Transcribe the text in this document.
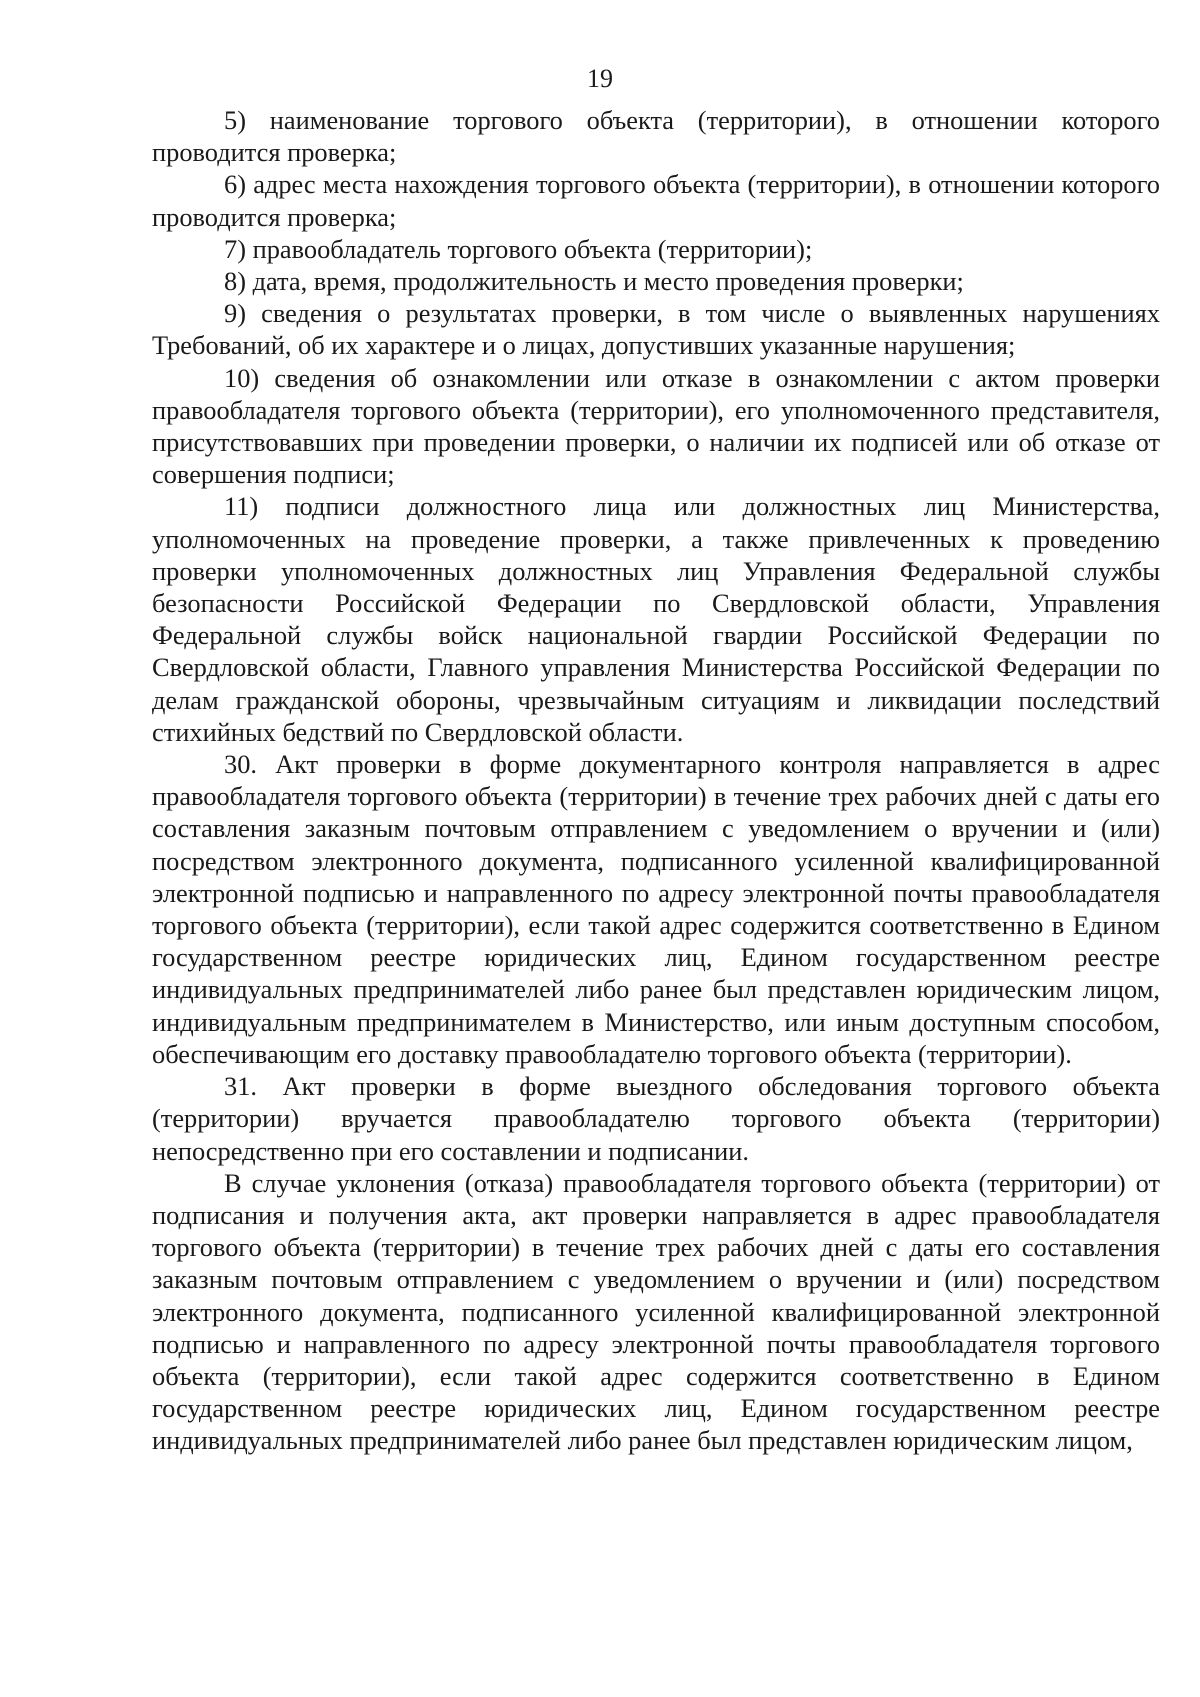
19

5) наименование торгового объекта (территории), в отношении которого проводится проверка;

6) адрес места нахождения торгового объекта (территории), в отношении которого проводится проверка;

7) правообладатель торгового объекта (территории);

8) дата, время, продолжительность и место проведения проверки;

9) сведения о результатах проверки, в том числе о выявленных нарушениях Требований, об их характере и о лицах, допустивших указанные нарушения;

10) сведения об ознакомлении или отказе в ознакомлении с актом проверки правообладателя торгового объекта (территории), его уполномоченного представителя, присутствовавших при проведении проверки, о наличии их подписей или об отказе от совершения подписи;

11) подписи должностного лица или должностных лиц Министерства, уполномоченных на проведение проверки, а также привлеченных к проведению проверки уполномоченных должностных лиц Управления Федеральной службы безопасности Российской Федерации по Свердловской области, Управления Федеральной службы войск национальной гвардии Российской Федерации по Свердловской области, Главного управления Министерства Российской Федерации по делам гражданской обороны, чрезвычайным ситуациям и ликвидации последствий стихийных бедствий по Свердловской области.

30. Акт проверки в форме документарного контроля направляется в адрес правообладателя торгового объекта (территории) в течение трех рабочих дней с даты его составления заказным почтовым отправлением с уведомлением о вручении и (или) посредством электронного документа, подписанного усиленной квалифицированной электронной подписью и направленного по адресу электронной почты правообладателя торгового объекта (территории), если такой адрес содержится соответственно в Едином государственном реестре юридических лиц, Едином государственном реестре индивидуальных предпринимателей либо ранее был представлен юридическим лицом, индивидуальным предпринимателем в Министерство, или иным доступным способом, обеспечивающим его доставку правообладателю торгового объекта (территории).

31. Акт проверки в форме выездного обследования торгового объекта (территории) вручается правообладателю торгового объекта (территории) непосредственно при его составлении и подписании.

В случае уклонения (отказа) правообладателя торгового объекта (территории) от подписания и получения акта, акт проверки направляется в адрес правообладателя торгового объекта (территории) в течение трех рабочих дней с даты его составления заказным почтовым отправлением с уведомлением о вручении и (или) посредством электронного документа, подписанного усиленной квалифицированной электронной подписью и направленного по адресу электронной почты правообладателя торгового объекта (территории), если такой адрес содержится соответственно в Едином государственном реестре юридических лиц, Едином государственном реестре индивидуальных предпринимателей либо ранее был представлен юридическим лицом,
